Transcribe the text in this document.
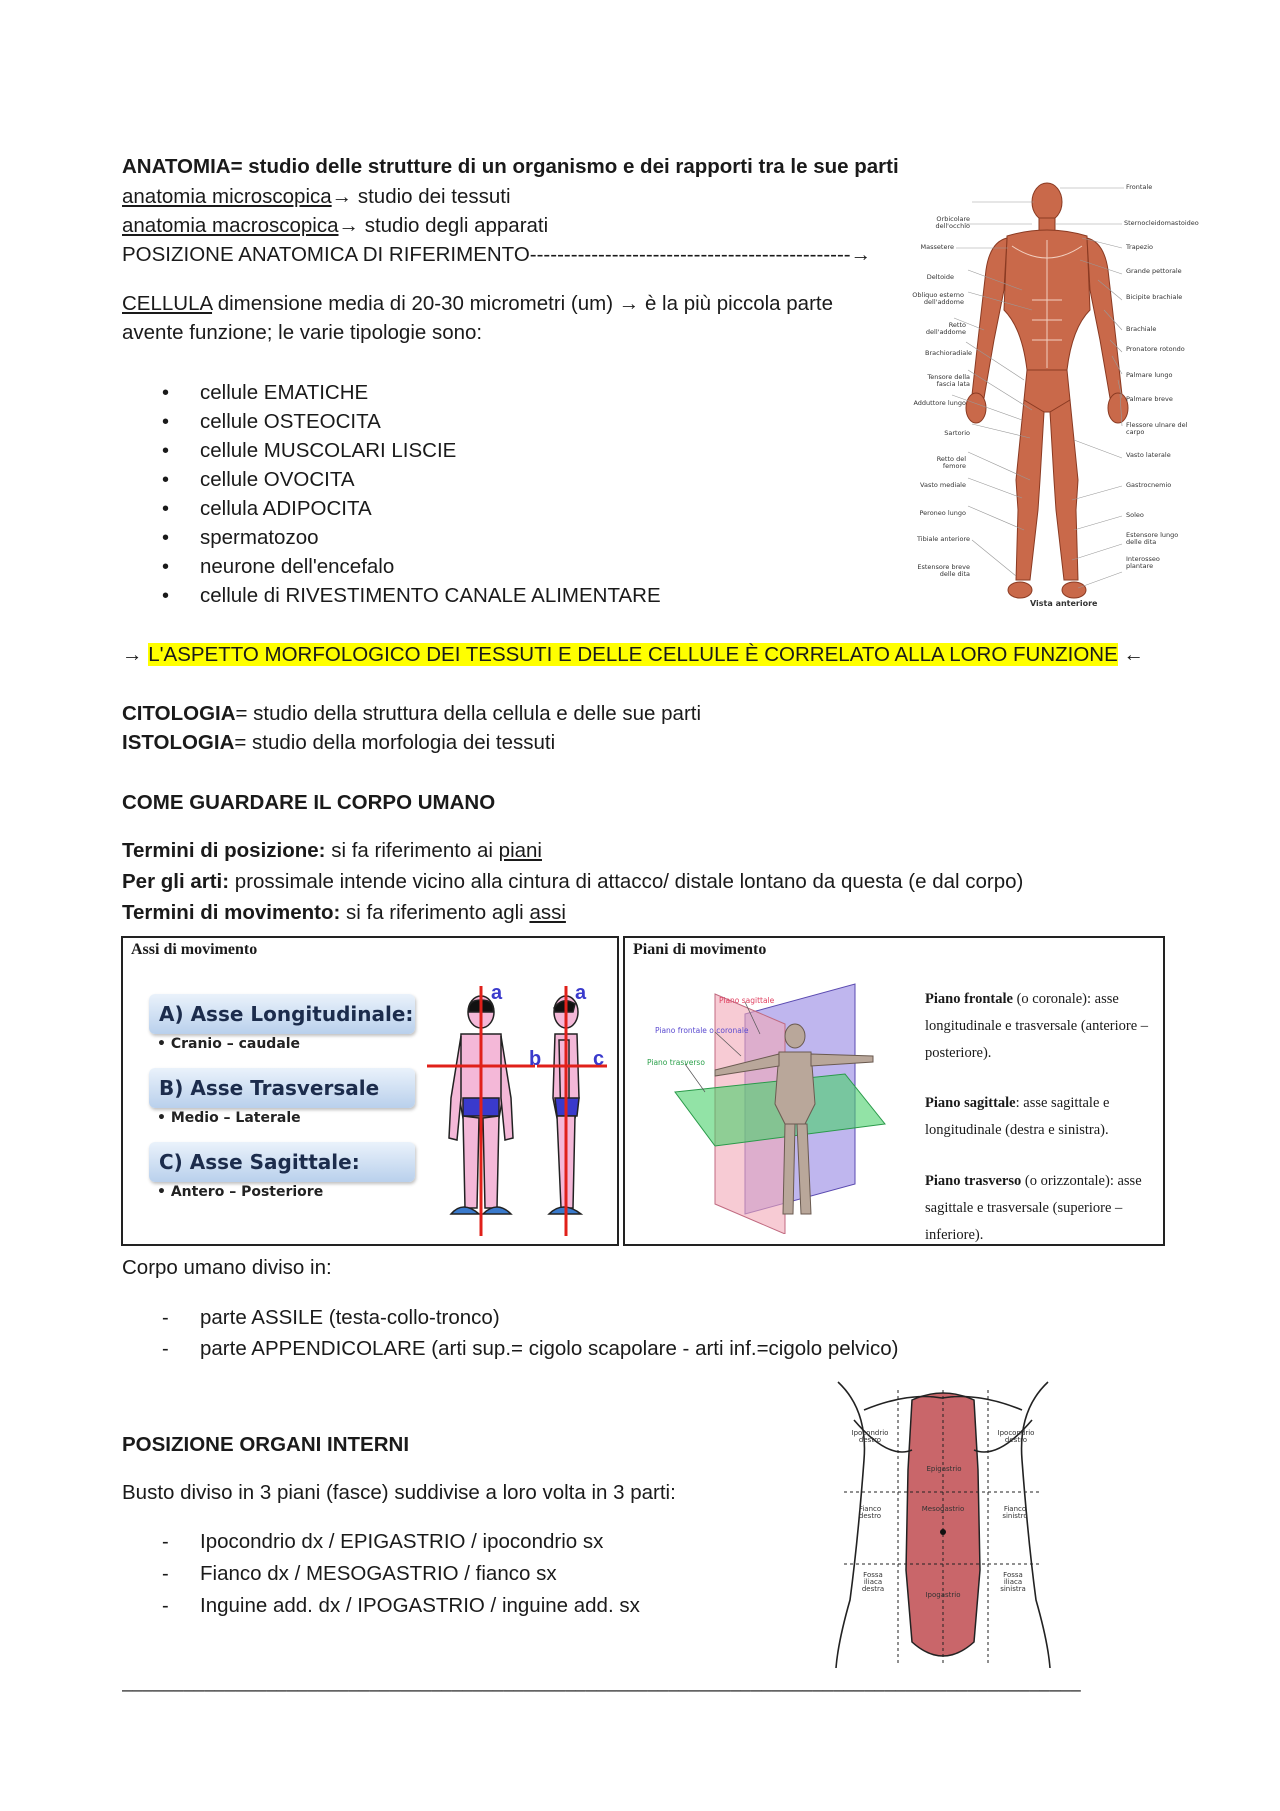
ANATOMIA= studio delle strutture di un organismo e dei rapporti tra le sue parti
anatomia microscopica→ studio dei tessuti
anatomia macroscopica→ studio degli apparati
POSIZIONE ANATOMICA DI RIFERIMENTO-----------------------------------------------→
CELLULA dimensione media di 20-30 micrometri (um) → è la più piccola parte
avente funzione; le varie tipologie sono:
• cellule EMATICHE
• cellule OSTEOCITA
• cellule MUSCOLARI LISCIE
• cellule OVOCITA
• cellula ADIPOCITA
• spermatozoo
• neurone dell'encefalo
• cellule di RIVESTIMENTO CANALE ALIMENTARE
Orbicolare dell'occhio
Massetere
Deltoide
Obliquo esterno dell'addome
Retto dell'addome
Brachioradiale
Tensore della fascia lata
Adduttore lungo
Sartorio
Retto del femore
Vasto mediale
Peroneo lungo
Tibiale anteriore
Estensore breve delle dita
Frontale
Sternocleidomastoideo
Trapezio
Grande pettorale
Bicipite brachiale
Brachiale
Pronatore rotondo
Palmare lungo
Palmare breve
Flessore ulnare del carpo
Vasto laterale
Gastrocnemio
Soleo
Estensore lungo delle dita
Interosseo plantare
Vista anteriore
→ L'ASPETTO MORFOLOGICO DEI TESSUTI E DELLE CELLULE È CORRELATO ALLA LORO FUNZIONE ←
CITOLOGIA= studio della struttura della cellula e delle sue parti
ISTOLOGIA= studio della morfologia dei tessuti
COME GUARDARE IL CORPO UMANO
Termini di posizione: si fa riferimento ai piani
Per gli arti: prossimale intende vicino alla cintura di attacco/ distale lontano da questa (e dal corpo)
Termini di movimento: si fa riferimento agli assi
Assi di movimento
A) Asse Longitudinale:
• Cranio – caudale
B) Asse Trasversale
• Medio – Laterale
C) Asse Sagittale:
• Antero – Posteriore
a
b
a
c
Piani di movimento
Piano sagittale
Piano frontale o coronale
Piano trasverso
Piano frontale (o coronale): asse longitudinale e trasversale (anteriore – posteriore).
Piano sagittale: asse sagittale e longitudinale (destra e sinistra).
Piano trasverso (o orizzontale): asse sagittale e trasversale (superiore – inferiore).
Corpo umano diviso in:
- parte ASSILE (testa-collo-tronco)
- parte APPENDICOLARE (arti sup.= cigolo scapolare - arti inf.=cigolo pelvico)
POSIZIONE ORGANI INTERNI
Busto diviso in 3 piani (fasce) suddivise a loro volta in 3 parti:
- Ipocondrio dx / EPIGASTRIO / ipocondrio sx
- Fianco dx / MESOGASTRIO / fianco sx
- Inguine add. dx / IPOGASTRIO / inguine add. sx
Ipocondrio destro
Ipocondrio destro
Epigastrio
Fianco destro
Mesogastrio	Fianco sinistro
Fossa iliaca destra
Fossa iliaca sinistra
Ipogastrio
_____________________________________________________________________________________________
